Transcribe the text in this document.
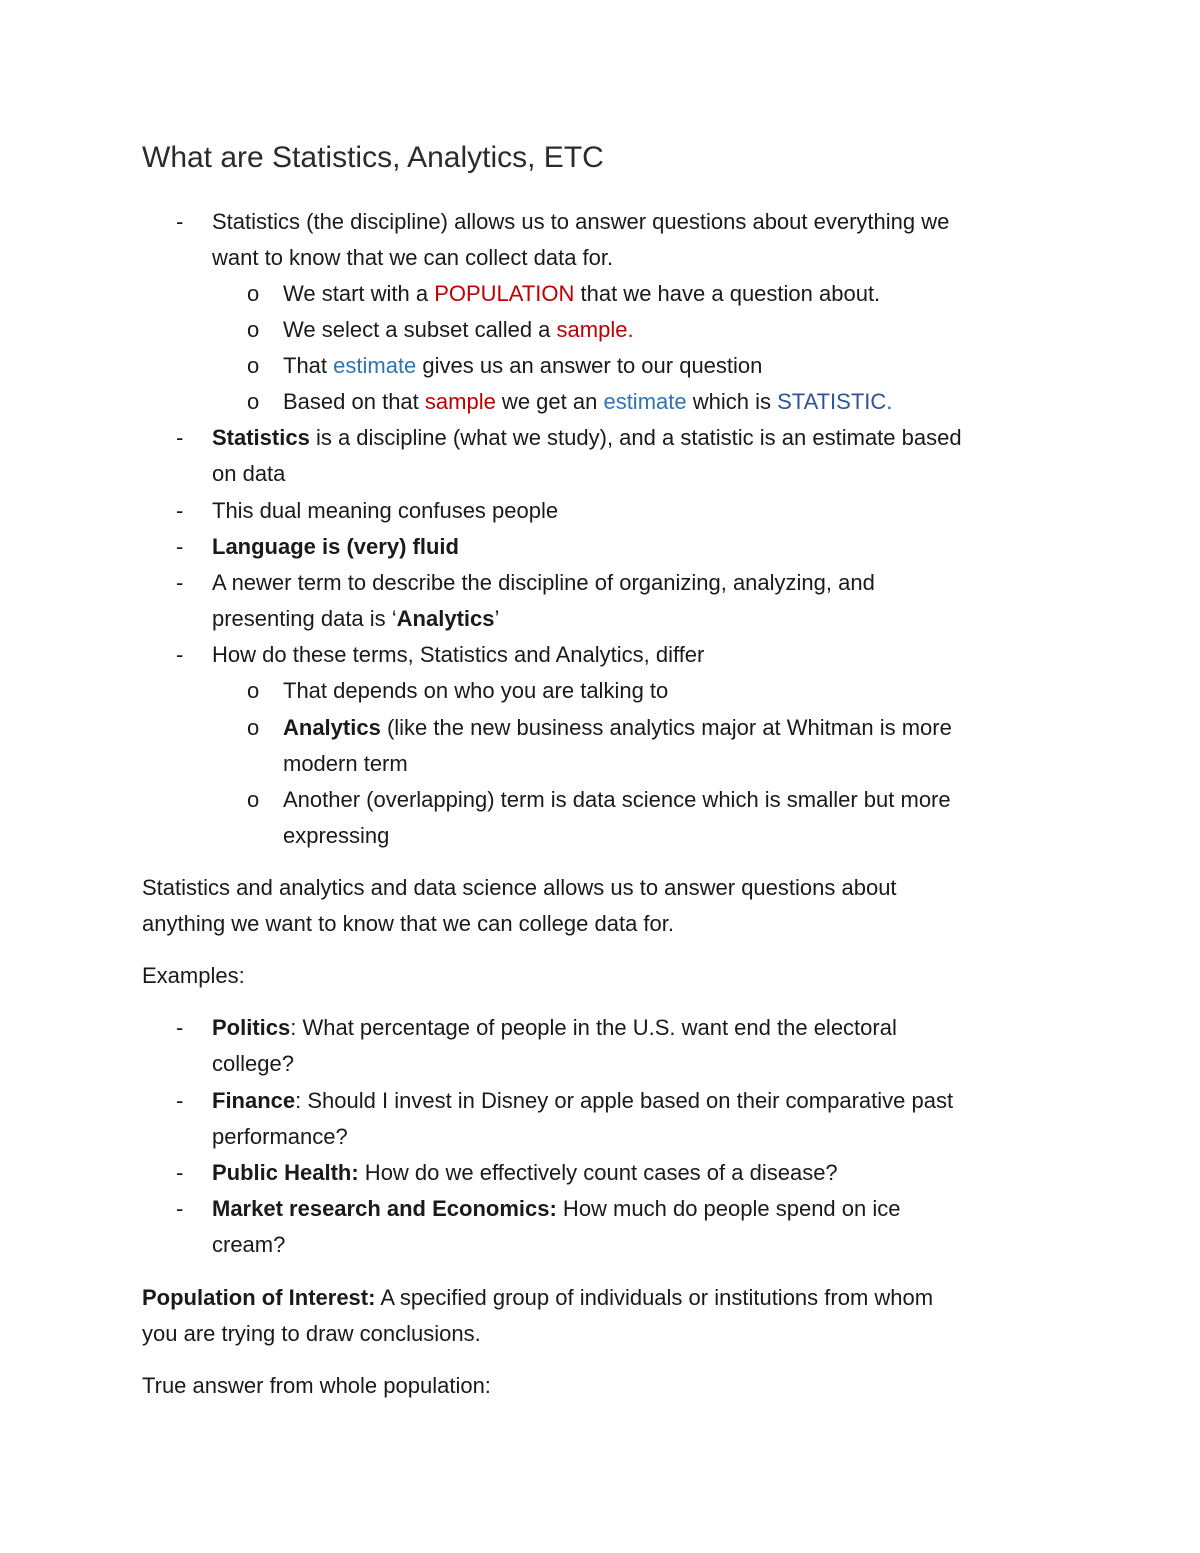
What are Statistics, Analytics, ETC
- Statistics (the discipline) allows us to answer questions about everything we
want to know that we can collect data for.
o We start with a POPULATION that we have a question about.
o We select a subset called a sample.
o That estimate gives us an answer to our question
o Based on that sample we get an estimate which is STATISTIC.
- Statistics is a discipline (what we study), and a statistic is an estimate based
on data
- This dual meaning confuses people
- Language is (very) fluid
- A newer term to describe the discipline of organizing, analyzing, and
presenting data is ‘Analytics’
- How do these terms, Statistics and Analytics, differ
o That depends on who you are talking to
o Analytics (like the new business analytics major at Whitman is more
modern term
o Another (overlapping) term is data science which is smaller but more
expressing
Statistics and analytics and data science allows us to answer questions about
anything we want to know that we can college data for.
Examples:
- Politics: What percentage of people in the U.S. want end the electoral
college?
- Finance: Should I invest in Disney or apple based on their comparative past
performance?
- Public Health: How do we effectively count cases of a disease?
- Market research and Economics: How much do people spend on ice
cream?
Population of Interest: A specified group of individuals or institutions from whom
you are trying to draw conclusions.
True answer from whole population:
